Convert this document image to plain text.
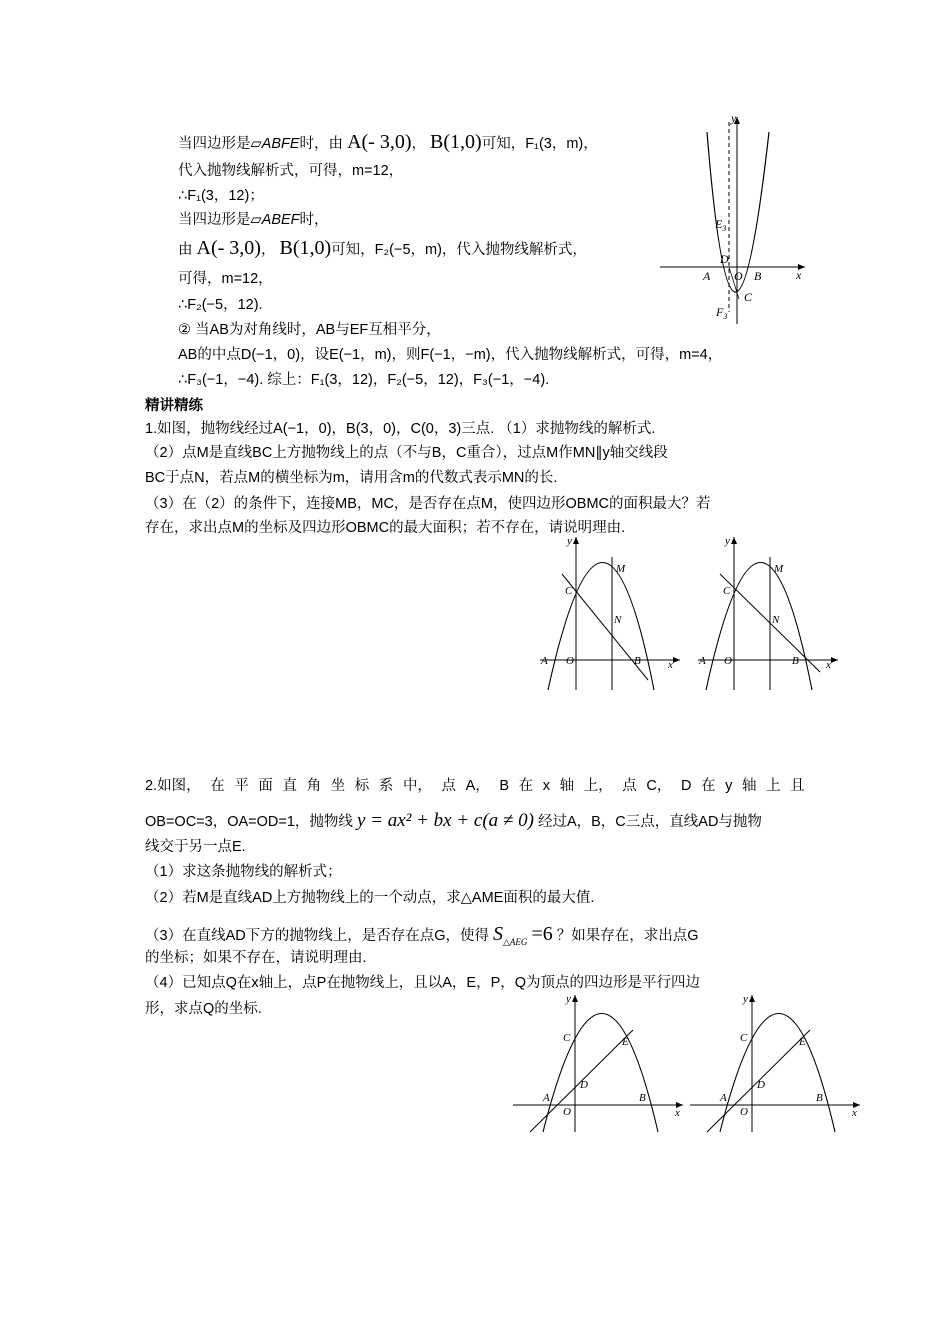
当四边形是▱ABFE时，由 A(- 3,0)， B(1,0)可知，F₁(3，m)，
代入抛物线解析式，可得，m=12，
∴F₁(3，12)；
当四边形是▱ABEF时，
由 A(- 3,0)， B(1,0)可知，F₂(−5，m)，代入抛物线解析式，
可得，m=12，
∴F₂(−5，12).
② 当AB为对角线时，AB与EF互相平分，
AB的中点D(−1，0)，设E(−1，m)，则F(−1，−m)，代入抛物线解析式，可得，m=4，
∴F₃(−1，−4). 综上：F₁(3，12)，F₂(−5，12)，F₃(−1，−4).
x
y
O
A	B
C
D
$E_3$
$F_3$
精讲精练
1.如图，抛物线经过A(−1，0)，B(3，0)，C(0，3)三点. （1）求抛物线的解析式.
（2）点M是直线BC上方抛物线上的点（不与B，C重合），过点M作MN∥y轴交线段
BC于点N，若点M的横坐标为m，请用含m的代数式表示MN的长.
（3）在（2）的条件下，连接MB，MC，是否存在点M，使四边形OBMC的面积最大？若
存在，求出点M的坐标及四边形OBMC的最大面积；若不存在，请说明理由.
x
y
O
A	B
C
M
N
x
y
O
A	B
C
M
N
2.如图， 在 平 面 直 角 坐 标 系 中， 点 A， B 在 x 轴 上， 点 C， D 在 y 轴 上 且
OB=OC=3，OA=OD=1，抛物线 y = ax² + bx + c(a ≠ 0) 经过A，B，C三点，直线AD与抛物
线交于另一点E.
（1）求这条抛物线的解析式；
（2）若M是直线AD上方抛物线上的一个动点，求△AME面积的最大值.
（3）在直线AD下方的抛物线上，是否存在点G，使得 $S_{\triangle AEG} =6$ ？如果存在，求出点G
的坐标；如果不存在，请说明理由.
（4）已知点Q在x轴上，点P在抛物线上，且以A，E，P，Q为顶点的四边形是平行四边
形，求点Q的坐标.
x
y
O
A	B
C
D
E
x
y
O
A	B
C
D
E
